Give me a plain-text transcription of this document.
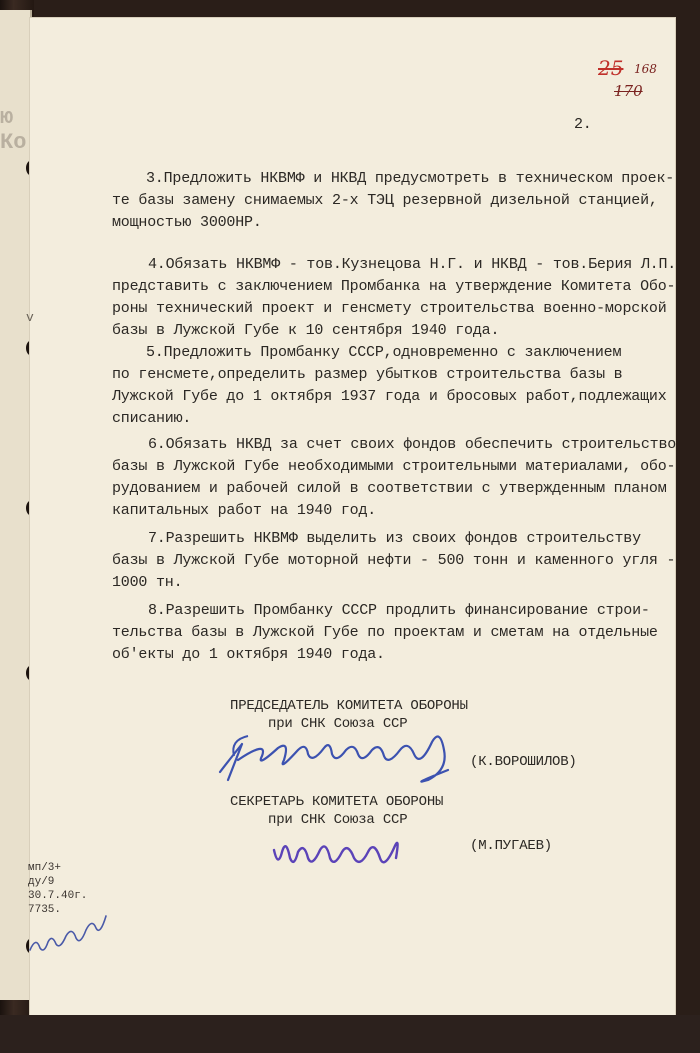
ю
Ко
25 168
170
2.
3.Предложить НКВМФ и НКВД предусмотреть в техническом проек-
те базы замену снимаемых 2-х ТЭЦ резервной дизельной станцией,
мощностью 3000НР.
4.Обязать НКВМФ - тов.Кузнецова Н.Г. и НКВД - тов.Берия Л.П.
представить с заключением Промбанка на утверждение Комитета Обо-
роны технический проект и генсмету строительства военно-морской
базы в Лужской Губе к 10 сентября 1940 года.
5.Предложить Промбанку СССР,одновременно с заключением
по генсмете,определить размер убытков строительства базы в
Лужской Губе до 1 октября 1937 года и бросовых работ,подлежащих
списанию.
6.Обязать НКВД за счет своих фондов обеспечить строительство
базы в Лужской Губе необходимыми строительными материалами, обо-
рудованием и рабочей силой в соответствии с утвержденным планом
капитальных работ на 1940 год.
7.Разрешить НКВМФ выделить из своих фондов строительству
базы в Лужской Губе моторной нефти - 500 тонн и каменного угля -
1000 тн.
8.Разрешить Промбанку СССР продлить финансирование строи-
тельства базы в Лужской Губе по проектам и сметам на отдельные
об'екты до 1 октября 1940 года.
ПРЕДСЕДАТЕЛЬ КОМИТЕТА ОБОРОНЫ
при СНК Союза ССР
(К.ВОРОШИЛОВ)
СЕКРЕТАРЬ КОМИТЕТА ОБОРОНЫ
при СНК Союза ССР
(М.ПУГАЕВ)
v
мп/3+
ду/9
30.7.40г.
7735.
